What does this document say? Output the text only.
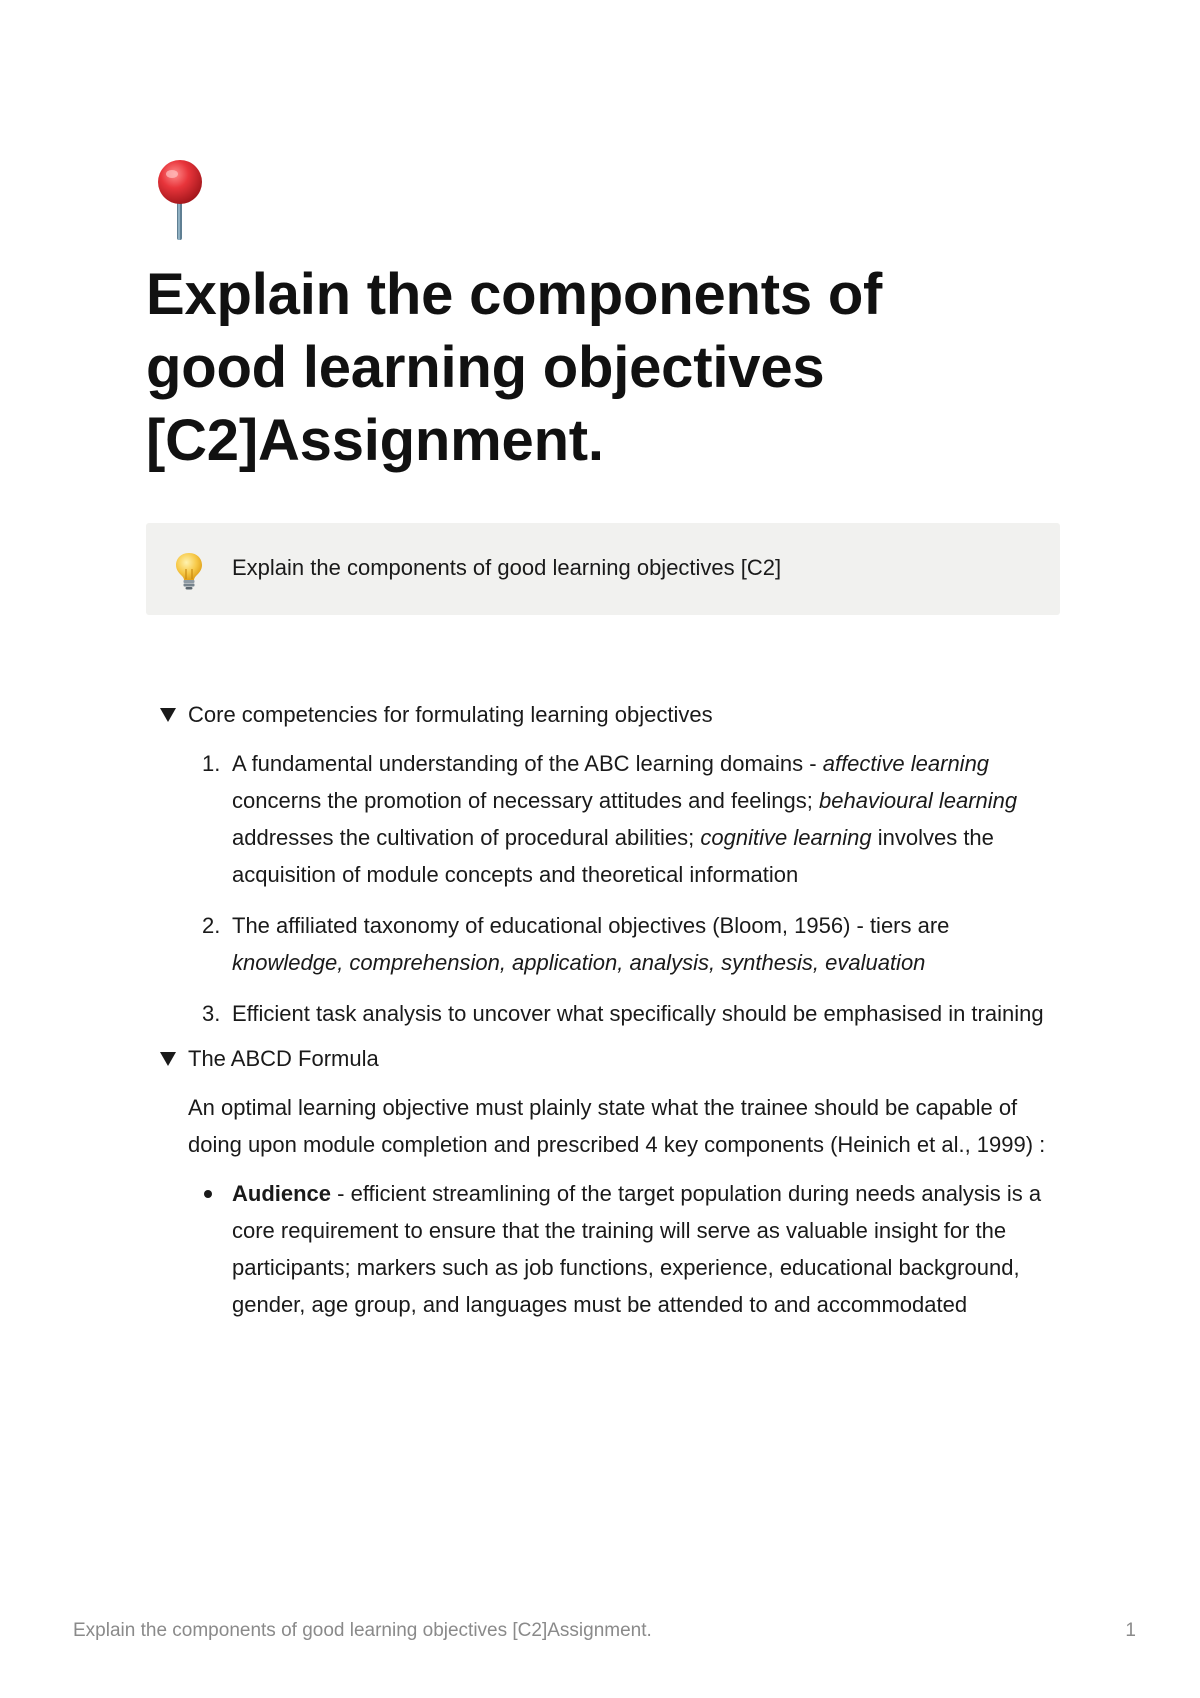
Explain the components of
good learning objectives
[C2]Assignment.
Explain the components of good learning objectives [C2]
Core competencies for formulating learning objectives
1. A fundamental understanding of the ABC learning domains - affective learning concerns the promotion of necessary attitudes and feelings; behavioural learning addresses the cultivation of procedural abilities; cognitive learning involves the acquisition of module concepts and theoretical information
2. The affiliated taxonomy of educational objectives (Bloom, 1956) - tiers are knowledge, comprehension, application, analysis, synthesis, evaluation
3. Efficient task analysis to uncover what specifically should be emphasised in training
The ABCD Formula

An optimal learning objective must plainly state what the trainee should be capable of doing upon module completion and prescribed 4 key components (Heinich et al., 1999) :

Audience - efficient streamlining of the target population during needs analysis is a core requirement to ensure that the training will serve as valuable insight for the participants; markers such as job functions, experience, educational background, gender, age group, and languages must be attended to and accommodated
Explain the components of good learning objectives [C2]Assignment.	1
